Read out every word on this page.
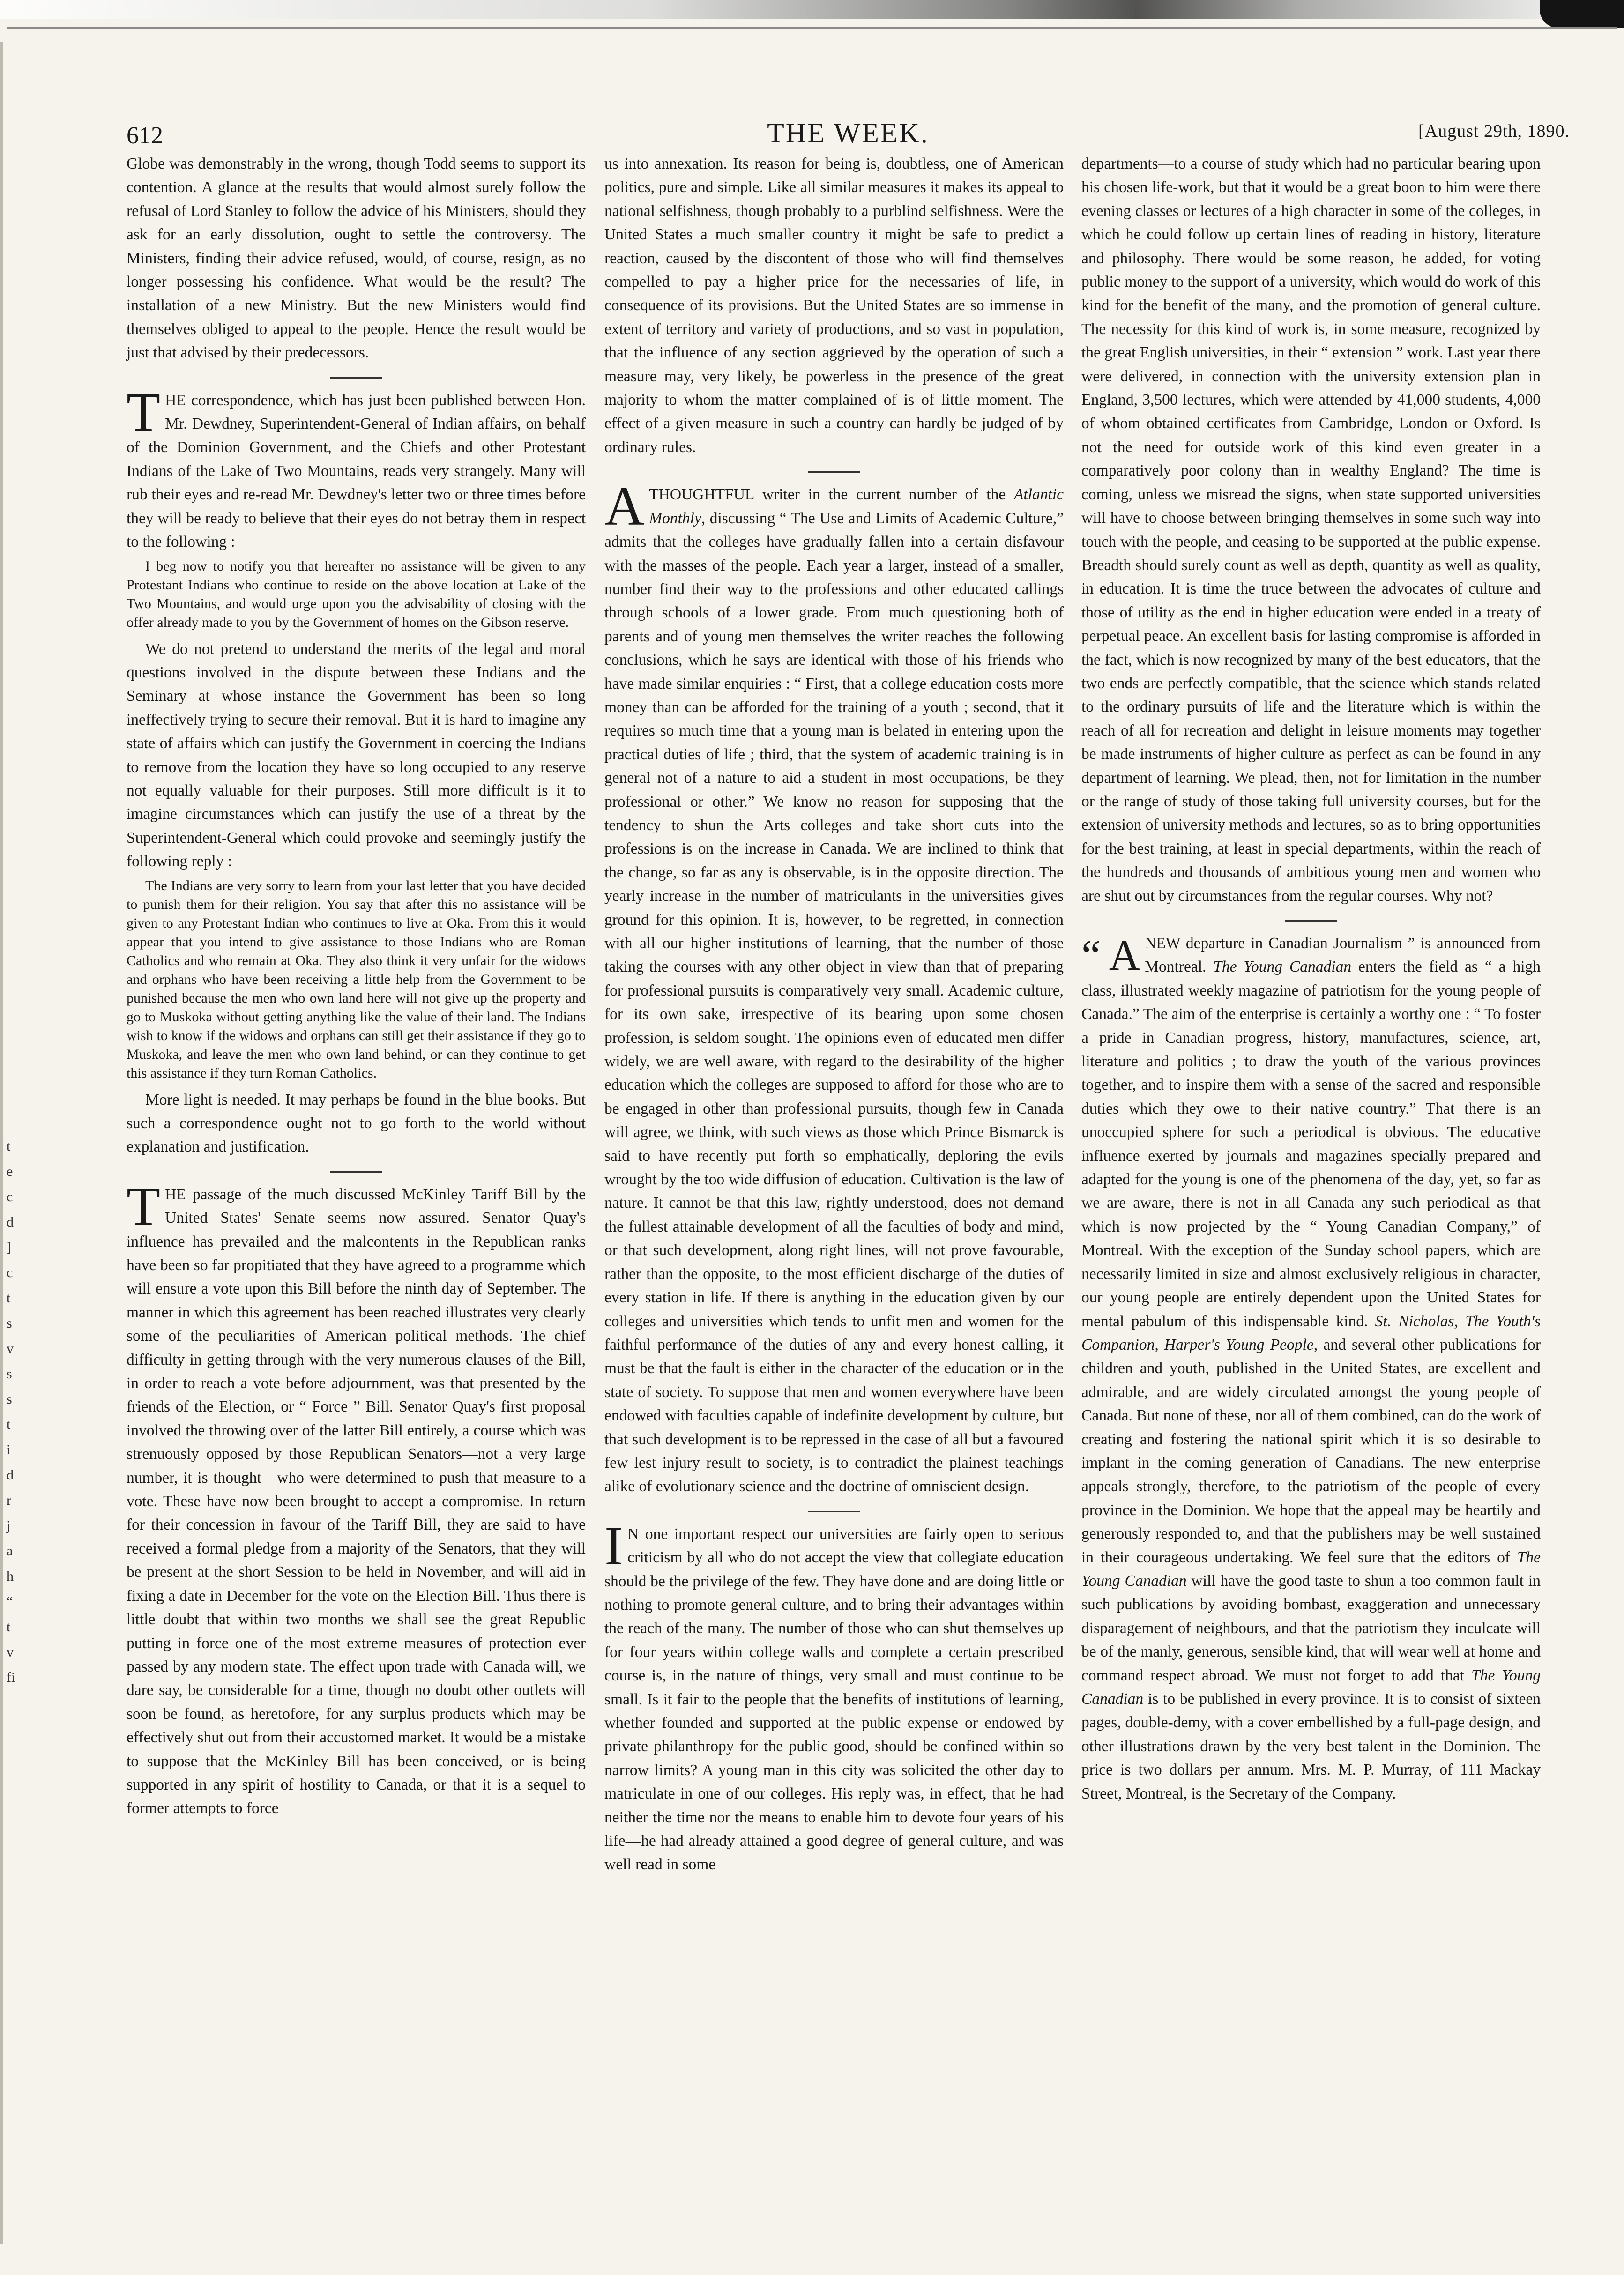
t
e
c
d
]
c
t
s
v
s
s
t
i
d
r
j
a
h
“
t
v
fi
612	THE WEEK.	[August 29th, 1890.

Globe was demonstrably in the wrong, though Todd seems to support its contention. A glance at the results that would almost surely follow the refusal of Lord Stanley to follow the advice of his Ministers, should they ask for an early dissolution, ought to settle the controversy. The Ministers, finding their advice refused, would, of course, resign, as no longer possessing his confidence. What would be the result? The installation of a new Ministry. But the new Ministers would find themselves obliged to appeal to the people. Hence the result would be just that advised by their predecessors.

THE correspondence, which has just been published between Hon. Mr. Dewdney, Superintendent-General of Indian affairs, on behalf of the Dominion Government, and the Chiefs and other Protestant Indians of the Lake of Two Mountains, reads very strangely. Many will rub their eyes and re-read Mr. Dewdney's letter two or three times before they will be ready to believe that their eyes do not betray them in respect to the following :

I beg now to notify you that hereafter no assistance will be given to any Protestant Indians who continue to reside on the above location at Lake of the Two Mountains, and would urge upon you the advisability of closing with the offer already made to you by the Government of homes on the Gibson reserve.

We do not pretend to understand the merits of the legal and moral questions involved in the dispute between these Indians and the Seminary at whose instance the Government has been so long ineffectively trying to secure their removal. But it is hard to imagine any state of affairs which can justify the Government in coercing the Indians to remove from the location they have so long occupied to any reserve not equally valuable for their purposes. Still more difficult is it to imagine circumstances which can justify the use of a threat by the Superintendent-General which could provoke and seemingly justify the following reply :

The Indians are very sorry to learn from your last letter that you have decided to punish them for their religion. You say that after this no assistance will be given to any Protestant Indian who continues to live at Oka. From this it would appear that you intend to give assistance to those Indians who are Roman Catholics and who remain at Oka. They also think it very unfair for the widows and orphans who have been receiving a little help from the Government to be punished because the men who own land here will not give up the property and go to Muskoka without getting anything like the value of their land. The Indians wish to know if the widows and orphans can still get their assistance if they go to Muskoka, and leave the men who own land behind, or can they continue to get this assistance if they turn Roman Catholics.

More light is needed. It may perhaps be found in the blue books. But such a correspondence ought not to go forth to the world without explanation and justification.

THE passage of the much discussed McKinley Tariff Bill by the United States' Senate seems now assured. Senator Quay's influence has prevailed and the malcontents in the Republican ranks have been so far propitiated that they have agreed to a programme which will ensure a vote upon this Bill before the ninth day of September. The manner in which this agreement has been reached illustrates very clearly some of the peculiarities of American political methods. The chief difficulty in getting through with the very numerous clauses of the Bill, in order to reach a vote before adjournment, was that presented by the friends of the Election, or “ Force ” Bill. Senator Quay's first proposal involved the throwing over of the latter Bill entirely, a course which was strenuously opposed by those Republican Senators—not a very large number, it is thought—who were determined to push that measure to a vote. These have now been brought to accept a compromise. In return for their concession in favour of the Tariff Bill, they are said to have received a formal pledge from a majority of the Senators, that they will be present at the short Session to be held in November, and will aid in fixing a date in December for the vote on the Election Bill. Thus there is little doubt that within two months we shall see the great Republic putting in force one of the most extreme measures of protection ever passed by any modern state. The effect upon trade with Canada will, we dare say, be considerable for a time, though no doubt other outlets will soon be found, as heretofore, for any surplus products which may be effectively shut out from their accustomed market. It would be a mistake to suppose that the McKinley Bill has been conceived, or is being supported in any spirit of hostility to Canada, or that it is a sequel to former attempts to force

us into annexation. Its reason for being is, doubtless, one of American politics, pure and simple. Like all similar measures it makes its appeal to national selfishness, though probably to a purblind selfishness. Were the United States a much smaller country it might be safe to predict a reaction, caused by the discontent of those who will find themselves compelled to pay a higher price for the necessaries of life, in consequence of its provisions. But the United States are so immense in extent of territory and variety of productions, and so vast in population, that the influence of any section aggrieved by the operation of such a measure may, very likely, be powerless in the presence of the great majority to whom the matter complained of is of little moment. The effect of a given measure in such a country can hardly be judged of by ordinary rules.

ATHOUGHTFUL writer in the current number of the Atlantic Monthly, discussing “ The Use and Limits of Academic Culture,” admits that the colleges have gradually fallen into a certain disfavour with the masses of the people. Each year a larger, instead of a smaller, number find their way to the professions and other educated callings through schools of a lower grade. From much questioning both of parents and of young men themselves the writer reaches the following conclusions, which he says are identical with those of his friends who have made similar enquiries : “ First, that a college education costs more money than can be afforded for the training of a youth ; second, that it requires so much time that a young man is belated in entering upon the practical duties of life ; third, that the system of academic training is in general not of a nature to aid a student in most occupations, be they professional or other.” We know no reason for supposing that the tendency to shun the Arts colleges and take short cuts into the professions is on the increase in Canada. We are inclined to think that the change, so far as any is observable, is in the opposite direction. The yearly increase in the number of matriculants in the universities gives ground for this opinion. It is, however, to be regretted, in connection with all our higher institutions of learning, that the number of those taking the courses with any other object in view than that of preparing for professional pursuits is comparatively very small. Academic culture, for its own sake, irrespective of its bearing upon some chosen profession, is seldom sought. The opinions even of educated men differ widely, we are well aware, with regard to the desirability of the higher education which the colleges are supposed to afford for those who are to be engaged in other than professional pursuits, though few in Canada will agree, we think, with such views as those which Prince Bismarck is said to have recently put forth so emphatically, deploring the evils wrought by the too wide diffusion of education. Cultivation is the law of nature. It cannot be that this law, rightly understood, does not demand the fullest attainable development of all the faculties of body and mind, or that such development, along right lines, will not prove favourable, rather than the opposite, to the most efficient discharge of the duties of every station in life. If there is anything in the education given by our colleges and universities which tends to unfit men and women for the faithful performance of the duties of any and every honest calling, it must be that the fault is either in the character of the education or in the state of society. To suppose that men and women everywhere have been endowed with faculties capable of indefinite development by culture, but that such development is to be repressed in the case of all but a favoured few lest injury result to society, is to contradict the plainest teachings alike of evolutionary science and the doctrine of omniscient design.

I N one important respect our universities are fairly open to serious criticism by all who do not accept the view that collegiate education should be the privilege of the few. They have done and are doing little or nothing to promote general culture, and to bring their advantages within the reach of the many. The number of those who can shut themselves up for four years within college walls and complete a certain prescribed course is, in the nature of things, very small and must continue to be small. Is it fair to the people that the benefits of institutions of learning, whether founded and supported at the public expense or endowed by private philanthropy for the public good, should be confined within so narrow limits? A young man in this city was solicited the other day to matriculate in one of our colleges. His reply was, in effect, that he had neither the time nor the means to enable him to devote four years of his life—he had already attained a good degree of general culture, and was well read in some

departments—to a course of study which had no particular bearing upon his chosen life-work, but that it would be a great boon to him were there evening classes or lectures of a high character in some of the colleges, in which he could follow up certain lines of reading in history, literature and philosophy. There would be some reason, he added, for voting public money to the support of a university, which would do work of this kind for the benefit of the many, and the promotion of general culture. The necessity for this kind of work is, in some measure, recognized by the great English universities, in their “ extension ” work. Last year there were delivered, in connection with the university extension plan in England, 3,500 lectures, which were attended by 41,000 students, 4,000 of whom obtained certificates from Cambridge, London or Oxford. Is not the need for outside work of this kind even greater in a comparatively poor colony than in wealthy England? The time is coming, unless we misread the signs, when state supported universities will have to choose between bringing themselves in some such way into touch with the people, and ceasing to be supported at the public expense. Breadth should surely count as well as depth, quantity as well as quality, in education. It is time the truce between the advocates of culture and those of utility as the end in higher education were ended in a treaty of perpetual peace. An excellent basis for lasting compromise is afforded in the fact, which is now recognized by many of the best educators, that the two ends are perfectly compatible, that the science which stands related to the ordinary pursuits of life and the literature which is within the reach of all for recreation and delight in leisure moments may together be made instruments of higher culture as perfect as can be found in any department of learning. We plead, then, not for limitation in the number or the range of study of those taking full university courses, but for the extension of university methods and lectures, so as to bring opportunities for the best training, at least in special departments, within the reach of the hundreds and thousands of ambitious young men and women who are shut out by circumstances from the regular courses. Why not?

“ A NEW departure in Canadian Journalism ” is announced from Montreal. The Young Canadian enters the field as “ a high class, illustrated weekly magazine of patriotism for the young people of Canada.” The aim of the enterprise is certainly a worthy one : “ To foster a pride in Canadian progress, history, manufactures, science, art, literature and politics ; to draw the youth of the various provinces together, and to inspire them with a sense of the sacred and responsible duties which they owe to their native country.” That there is an unoccupied sphere for such a periodical is obvious. The educative influence exerted by journals and magazines specially prepared and adapted for the young is one of the phenomena of the day, yet, so far as we are aware, there is not in all Canada any such periodical as that which is now projected by the “ Young Canadian Company,” of Montreal. With the exception of the Sunday school papers, which are necessarily limited in size and almost exclusively religious in character, our young people are entirely dependent upon the United States for mental pabulum of this indispensable kind. St. Nicholas, The Youth's Companion, Harper's Young People, and several other publications for children and youth, published in the United States, are excellent and admirable, and are widely circulated amongst the young people of Canada. But none of these, nor all of them combined, can do the work of creating and fostering the national spirit which it is so desirable to implant in the coming generation of Canadians. The new enterprise appeals strongly, therefore, to the patriotism of the people of every province in the Dominion. We hope that the appeal may be heartily and generously responded to, and that the publishers may be well sustained in their courageous undertaking. We feel sure that the editors of The Young Canadian will have the good taste to shun a too common fault in such publications by avoiding bombast, exaggeration and unnecessary disparagement of neighbours, and that the patriotism they inculcate will be of the manly, generous, sensible kind, that will wear well at home and command respect abroad. We must not forget to add that The Young Canadian is to be published in every province. It is to consist of sixteen pages, double-demy, with a cover embellished by a full-page design, and other illustrations drawn by the very best talent in the Dominion. The price is two dollars per annum. Mrs. M. P. Murray, of 111 Mackay Street, Montreal, is the Secretary of the Company.
